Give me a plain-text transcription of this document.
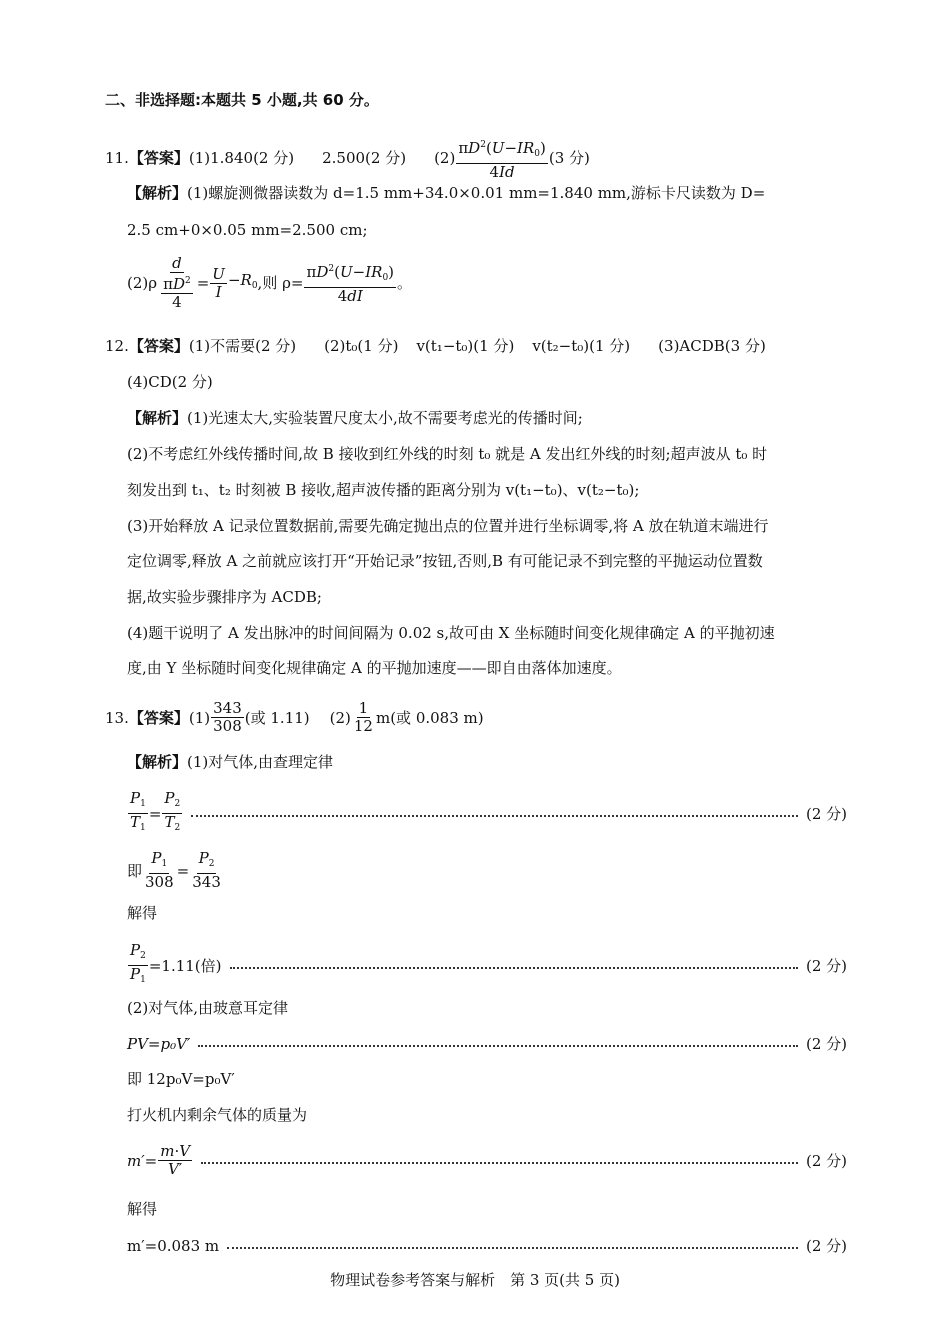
二、非选择题:本题共 5 小题,共 60 分。
11.【答案】(1)1.840(2 分) 2.500(2 分) $(2) \frac{\pi D^2(U-IR_0)}{4Id} (3$ 分)
【解析】(1)螺旋测微器读数为 d=1.5 mm+34.0×0.01 mm=1.840 mm,游标卡尺读数为 D=
2.5 cm+0×0.05 mm=2.500 cm;
$(2)\rho \frac{d}{\frac{\pi D^2}{4}} = \frac{U}{I} -R_0$ ,则 $\rho= \frac{\pi D^2(U-IR_0)}{4dI}$ 。
12.【答案】(1)不需要(2 分) (2)t₀(1 分) v(t₁−t₀)(1 分) v(t₂−t₀)(1 分) (3)ACDB(3 分)
(4)CD(2 分)
【解析】(1)光速太大,实验装置尺度太小,故不需要考虑光的传播时间;
(2)不考虑红外线传播时间,故 B 接收到红外线的时刻 t₀ 就是 A 发出红外线的时刻;超声波从 t₀ 时
刻发出到 t₁、t₂ 时刻被 B 接收,超声波传播的距离分别为 v(t₁−t₀)、v(t₂−t₀);
(3)开始释放 A 记录位置数据前,需要先确定抛出点的位置并进行坐标调零,将 A 放在轨道末端进行
定位调零,释放 A 之前就应该打开“开始记录”按钮,否则,B 有可能记录不到完整的平抛运动位置数
据,故实验步骤排序为 ACDB;
(4)题干说明了 A 发出脉冲的时间间隔为 0.02 s,故可由 X 坐标随时间变化规律确定 A 的平抛初速
度,由 Y 坐标随时间变化规律确定 A 的平抛加速度——即自由落体加速度。
13. 【答案】 $(1) \frac{343}{308}$ (或 1.11) $(2) \frac{1}{12} m$(或 0.083 m)
【解析】(1)对气体,由查理定律
$\frac{P_1}{T_1} = \frac{P_2}{T_2}$	(2 分)
即 $\frac{P_1}{308} = \frac{P_2}{343}$
解得
$\frac{P_2}{P_1} =1.11$(倍)	(2 分)
(2)对气体,由玻意耳定律
PV=p₀V′	(2 分)
即 12p₀V=p₀V′
打火机内剩余气体的质量为
$m'= \frac{m\cdot V}{V'}$	(2 分)
解得
m′=0.083 m	(2 分)
物理试卷参考答案与解析　第 3 页(共 5 页)
